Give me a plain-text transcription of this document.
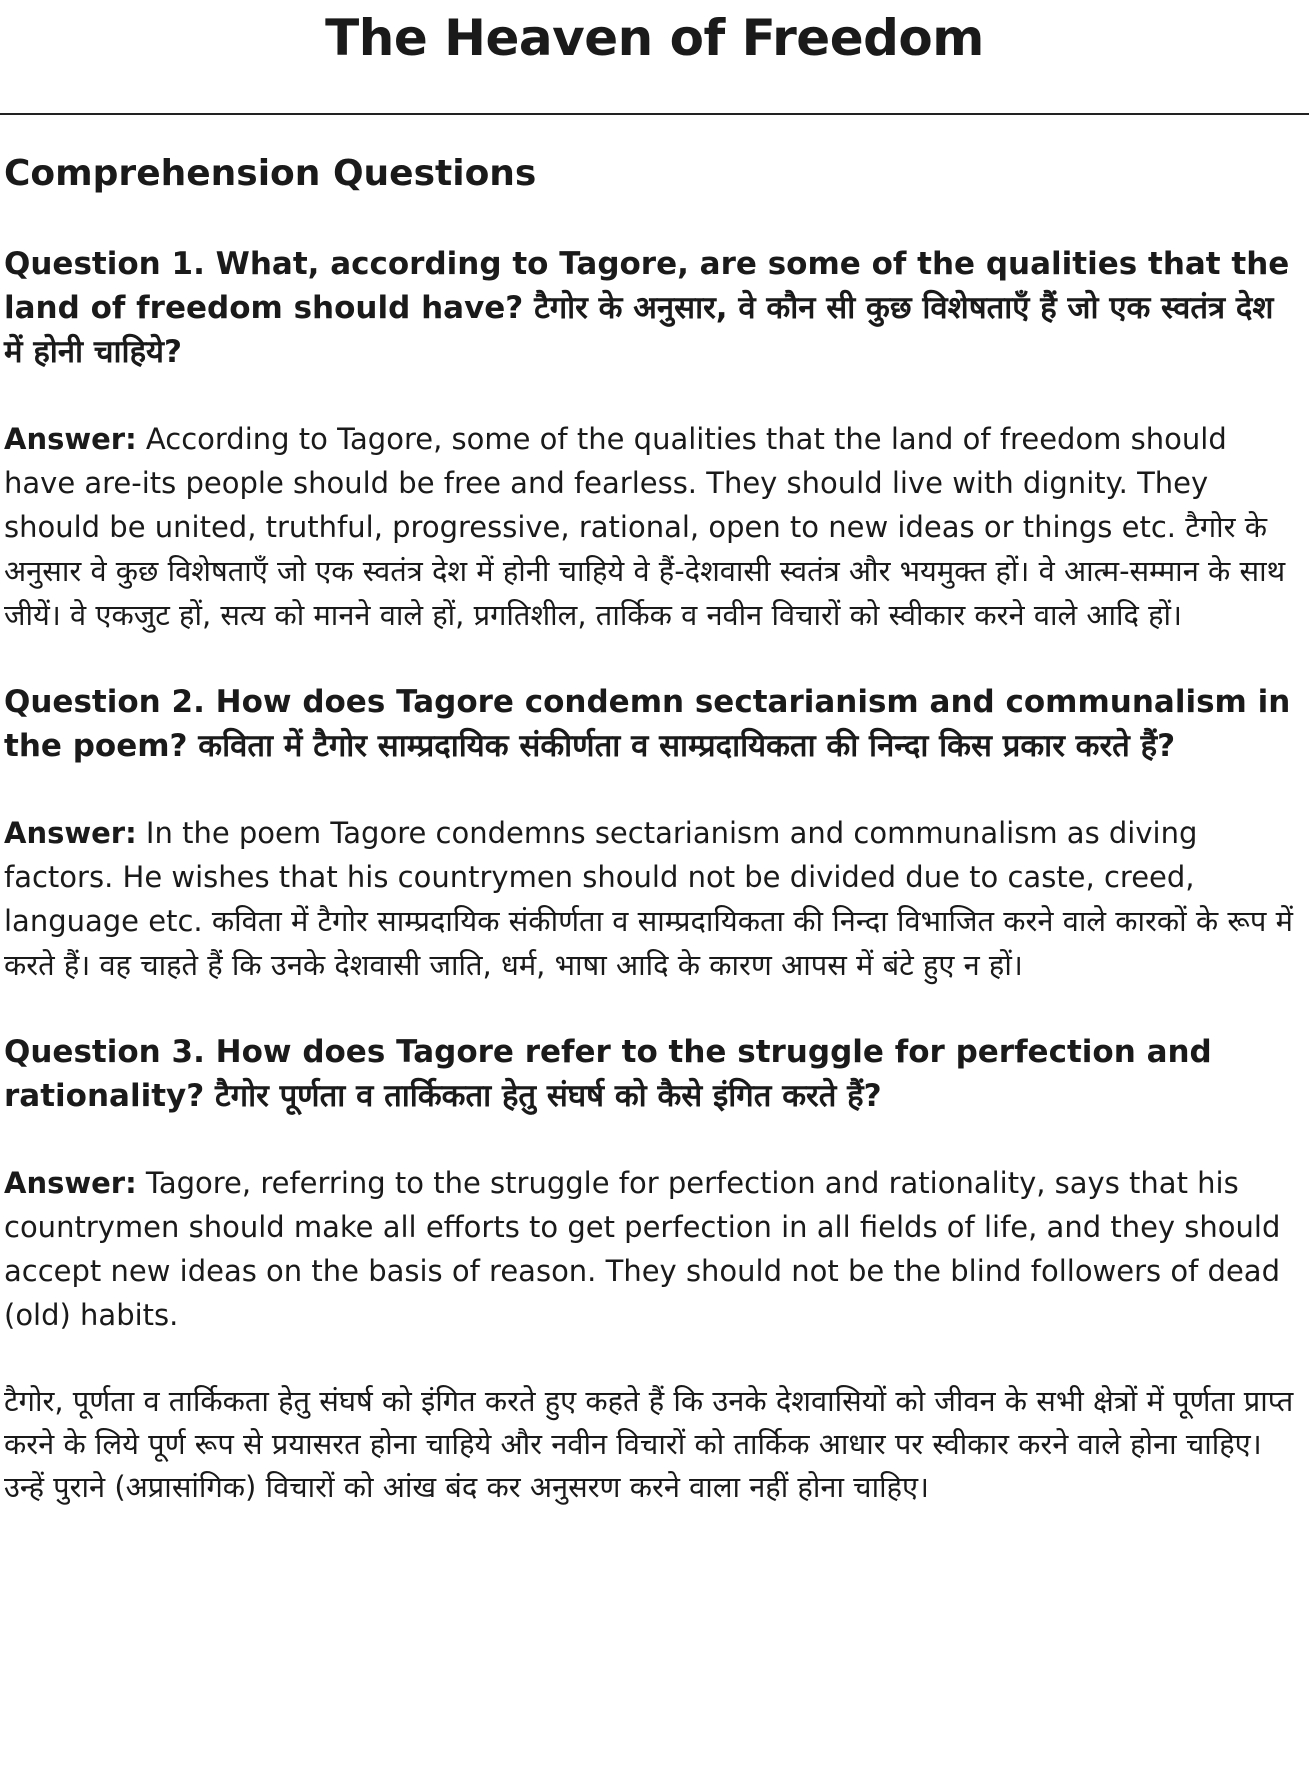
The Heaven of Freedom
Comprehension Questions

Question 1. What, according to Tagore, are some of the qualities that the land of freedom should have? टैगोर के अनुसार, वे कौन सी कुछ विशेषताएँ हैं जो एक स्वतंत्र देश में होनी चाहिये?

Answer: According to Tagore, some of the qualities that the land of freedom should have are-its people should be free and fearless. They should live with dignity. They should be united, truthful, progressive, rational, open to new ideas or things etc. टैगोर के अनुसार वे कुछ विशेषताएँ जो एक स्वतंत्र देश में होनी चाहिये वे हैं-देशवासी स्वतंत्र और भयमुक्त हों। वे आत्म-सम्मान के साथ जीयें। वे एकजुट हों, सत्य को मानने वाले हों, प्रगतिशील, तार्किक व नवीन विचारों को स्वीकार करने वाले आदि हों।

Question 2. How does Tagore condemn sectarianism and communalism in the poem? कविता में टैगोर साम्प्रदायिक संकीर्णता व साम्प्रदायिकता की निन्दा किस प्रकार करते हैं?

Answer: In the poem Tagore condemns sectarianism and communalism as diving factors. He wishes that his countrymen should not be divided due to caste, creed, language etc. कविता में टैगोर साम्प्रदायिक संकीर्णता व साम्प्रदायिकता की निन्दा विभाजित करने वाले कारकों के रूप में करते हैं। वह चाहते हैं कि उनके देशवासी जाति, धर्म, भाषा आदि के कारण आपस में बंटे हुए न हों।

Question 3. How does Tagore refer to the struggle for perfection and rationality? टैगोर पूर्णता व तार्किकता हेतु संघर्ष को कैसे इंगित करते हैं?

Answer: Tagore, referring to the struggle for perfection and rationality, says that his countrymen should make all efforts to get perfection in all fields of life, and they should accept new ideas on the basis of reason. They should not be the blind followers of dead (old) habits.

टैगोर, पूर्णता व तार्किकता हेतु संघर्ष को इंगित करते हुए कहते हैं कि उनके देशवासियों को जीवन के सभी क्षेत्रों में पूर्णता प्राप्त करने के लिये पूर्ण रूप से प्रयासरत होना चाहिये और नवीन विचारों को तार्किक आधार पर स्वीकार करने वाले होना चाहिए। उन्हें पुराने (अप्रासांगिक) विचारों को आंख बंद कर अनुसरण करने वाला नहीं होना चाहिए।
